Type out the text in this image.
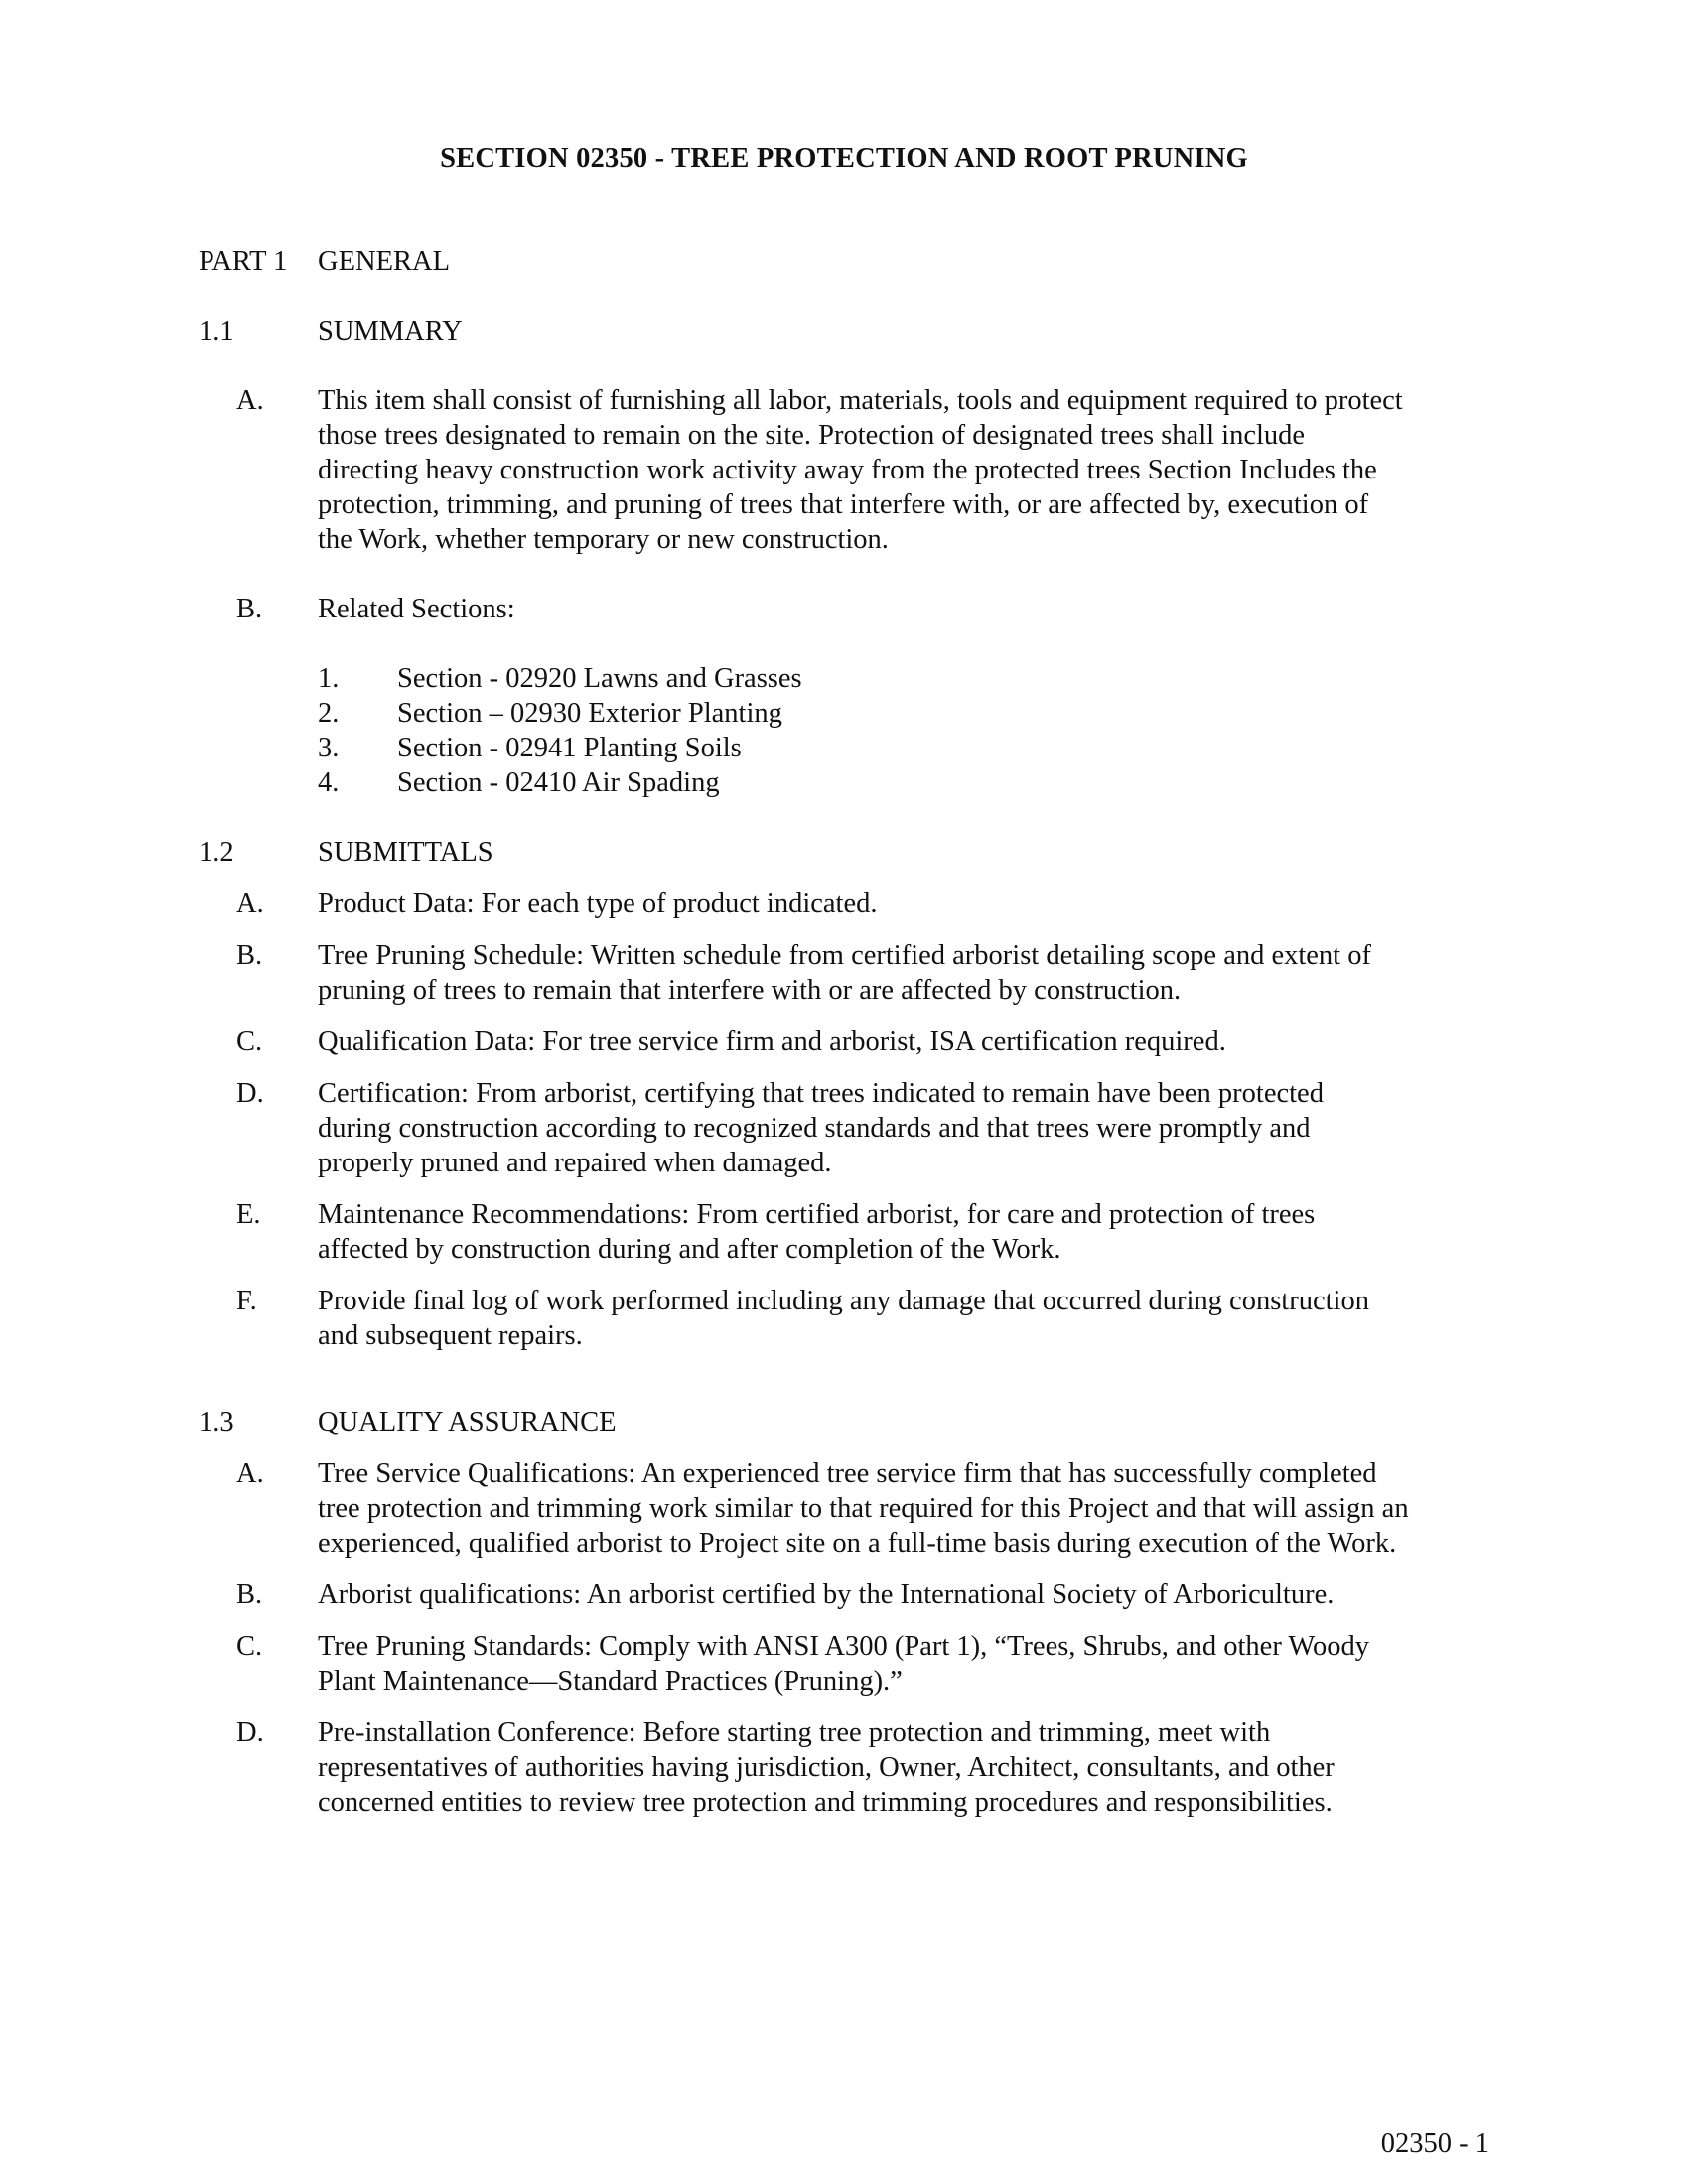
SECTION 02350 - TREE PROTECTION AND ROOT PRUNING
PART 1 GENERAL
1.1	SUMMARY
A.	This item shall consist of furnishing all labor, materials, tools and equipment required to protect
those trees designated to remain on the site. Protection of designated trees shall include
directing heavy construction work activity away from the protected trees Section Includes the
protection, trimming, and pruning of trees that interfere with, or are affected by, execution of
the Work, whether temporary or new construction.
B.	Related Sections:
1. Section - 02920 Lawns and Grasses
2. Section – 02930 Exterior Planting
3. Section - 02941 Planting Soils
4. Section - 02410 Air Spading
1.2	SUBMITTALS
A.	Product Data: For each type of product indicated.
B.	Tree Pruning Schedule: Written schedule from certified arborist detailing scope and extent of
pruning of trees to remain that interfere with or are affected by construction.
C.	Qualification Data: For tree service firm and arborist, ISA certification required.
D.	Certification: From arborist, certifying that trees indicated to remain have been protected
during construction according to recognized standards and that trees were promptly and
properly pruned and repaired when damaged.
E.	Maintenance Recommendations: From certified arborist, for care and protection of trees
affected by construction during and after completion of the Work.
F.	Provide final log of work performed including any damage that occurred during construction
and subsequent repairs.
1.3	QUALITY ASSURANCE
A.	Tree Service Qualifications: An experienced tree service firm that has successfully completed
tree protection and trimming work similar to that required for this Project and that will assign an
experienced, qualified arborist to Project site on a full-time basis during execution of the Work.
B.	Arborist qualifications: An arborist certified by the International Society of Arboriculture.
C.	Tree Pruning Standards: Comply with ANSI A300 (Part 1), “Trees, Shrubs, and other Woody
Plant Maintenance—Standard Practices (Pruning).”
D.	Pre-installation Conference: Before starting tree protection and trimming, meet with
representatives of authorities having jurisdiction, Owner, Architect, consultants, and other
concerned entities to review tree protection and trimming procedures and responsibilities.
02350 - 1
